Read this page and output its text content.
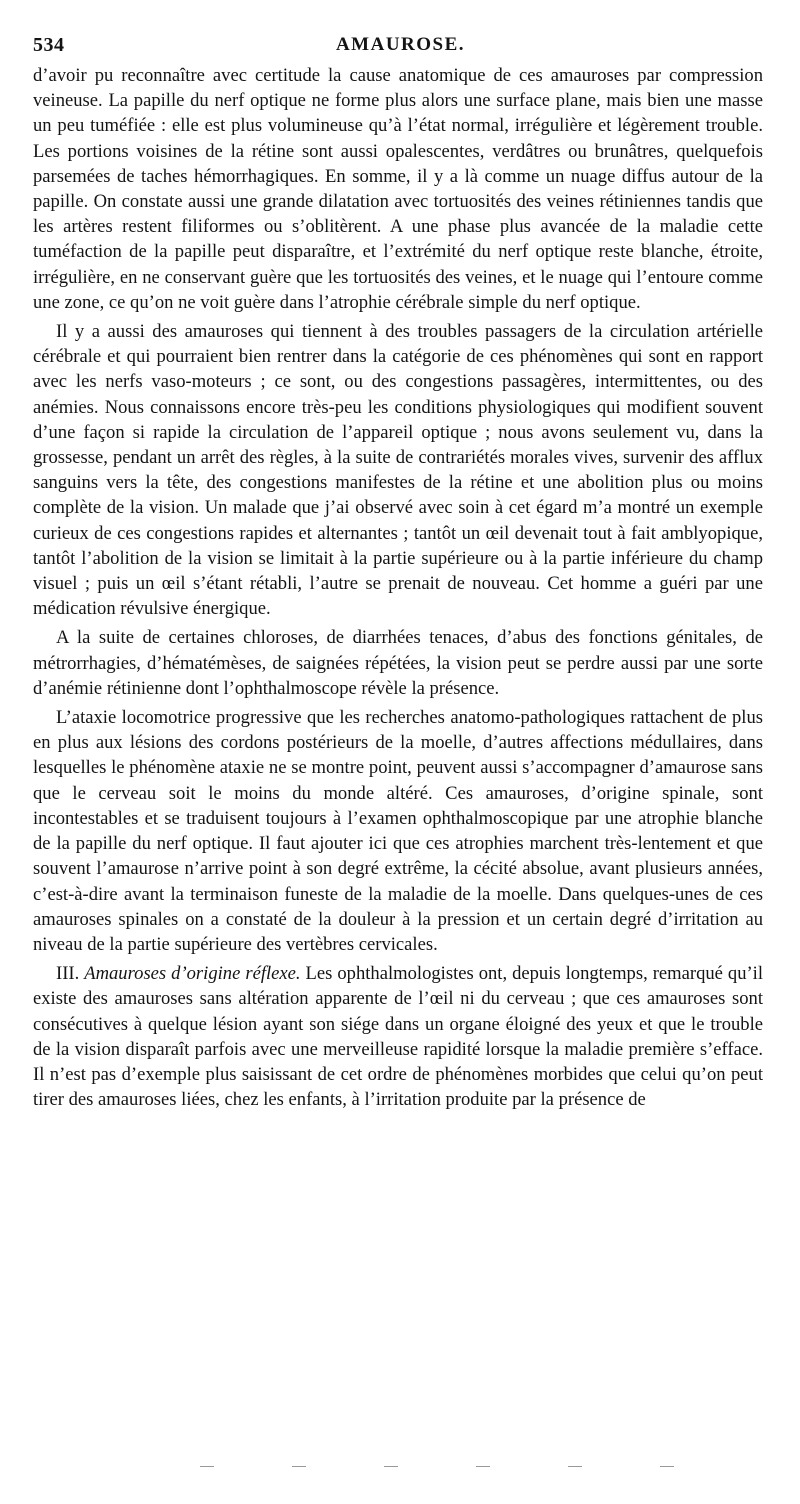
534	AMAUROSE.

d’avoir pu reconnaître avec certitude la cause anatomique de ces amauroses par compression veineuse. La papille du nerf optique ne forme plus alors une surface plane, mais bien une masse un peu tuméfiée : elle est plus volumineuse qu’à l’état normal, irrégulière et légèrement trouble. Les portions voisines de la rétine sont aussi opalescentes, verdâtres ou brunâtres, quelquefois parsemées de taches hémorrhagiques. En somme, il y a là comme un nuage diffus autour de la papille. On constate aussi une grande dilatation avec tortuosités des veines rétiniennes tandis que les artères restent filiformes ou s’oblitèrent. A une phase plus avancée de la maladie cette tuméfaction de la papille peut disparaître, et l’extrémité du nerf optique reste blanche, étroite, irrégulière, en ne conservant guère que les tortuosités des veines, et le nuage qui l’entoure comme une zone, ce qu’on ne voit guère dans l’atrophie cérébrale simple du nerf optique.

Il y a aussi des amauroses qui tiennent à des troubles passagers de la circulation artérielle cérébrale et qui pourraient bien rentrer dans la catégorie de ces phénomènes qui sont en rapport avec les nerfs vaso-moteurs ; ce sont, ou des congestions passagères, intermittentes, ou des anémies. Nous connaissons encore très-peu les conditions physiologiques qui modifient souvent d’une façon si rapide la circulation de l’appareil optique ; nous avons seulement vu, dans la grossesse, pendant un arrêt des règles, à la suite de contrariétés morales vives, survenir des afflux sanguins vers la tête, des congestions manifestes de la rétine et une abolition plus ou moins complète de la vision. Un malade que j’ai observé avec soin à cet égard m’a montré un exemple curieux de ces congestions rapides et alternantes ; tantôt un œil devenait tout à fait amblyopique, tantôt l’abolition de la vision se limitait à la partie supérieure ou à la partie inférieure du champ visuel ; puis un œil s’étant rétabli, l’autre se prenait de nouveau. Cet homme a guéri par une médication révulsive énergique.

A la suite de certaines chloroses, de diarrhées tenaces, d’abus des fonctions génitales, de métrorrhagies, d’hématémèses, de saignées répétées, la vision peut se perdre aussi par une sorte d’anémie rétinienne dont l’ophthalmoscope révèle la présence.

L’ataxie locomotrice progressive que les recherches anatomo-pathologiques rattachent de plus en plus aux lésions des cordons postérieurs de la moelle, d’autres affections médullaires, dans lesquelles le phénomène ataxie ne se montre point, peuvent aussi s’accompagner d’amaurose sans que le cerveau soit le moins du monde altéré. Ces amauroses, d’origine spinale, sont incontestables et se traduisent toujours à l’examen ophthalmoscopique par une atrophie blanche de la papille du nerf optique. Il faut ajouter ici que ces atrophies marchent très-lentement et que souvent l’amaurose n’arrive point à son degré extrême, la cécité absolue, avant plusieurs années, c’est-à-dire avant la terminaison funeste de la maladie de la moelle. Dans quelques-unes de ces amauroses spinales on a constaté de la douleur à la pression et un certain degré d’irritation au niveau de la partie supérieure des vertèbres cervicales.

III. Amauroses d’origine réflexe. Les ophthalmologistes ont, depuis longtemps, remarqué qu’il existe des amauroses sans altération apparente de l’œil ni du cerveau ; que ces amauroses sont consécutives à quelque lésion ayant son siége dans un organe éloigné des yeux et que le trouble de la vision disparaît parfois avec une merveilleuse rapidité lorsque la maladie première s’efface. Il n’est pas d’exemple plus saisissant de cet ordre de phénomènes morbides que celui qu’on peut tirer des amauroses liées, chez les enfants, à l’irritation produite par la présence de
